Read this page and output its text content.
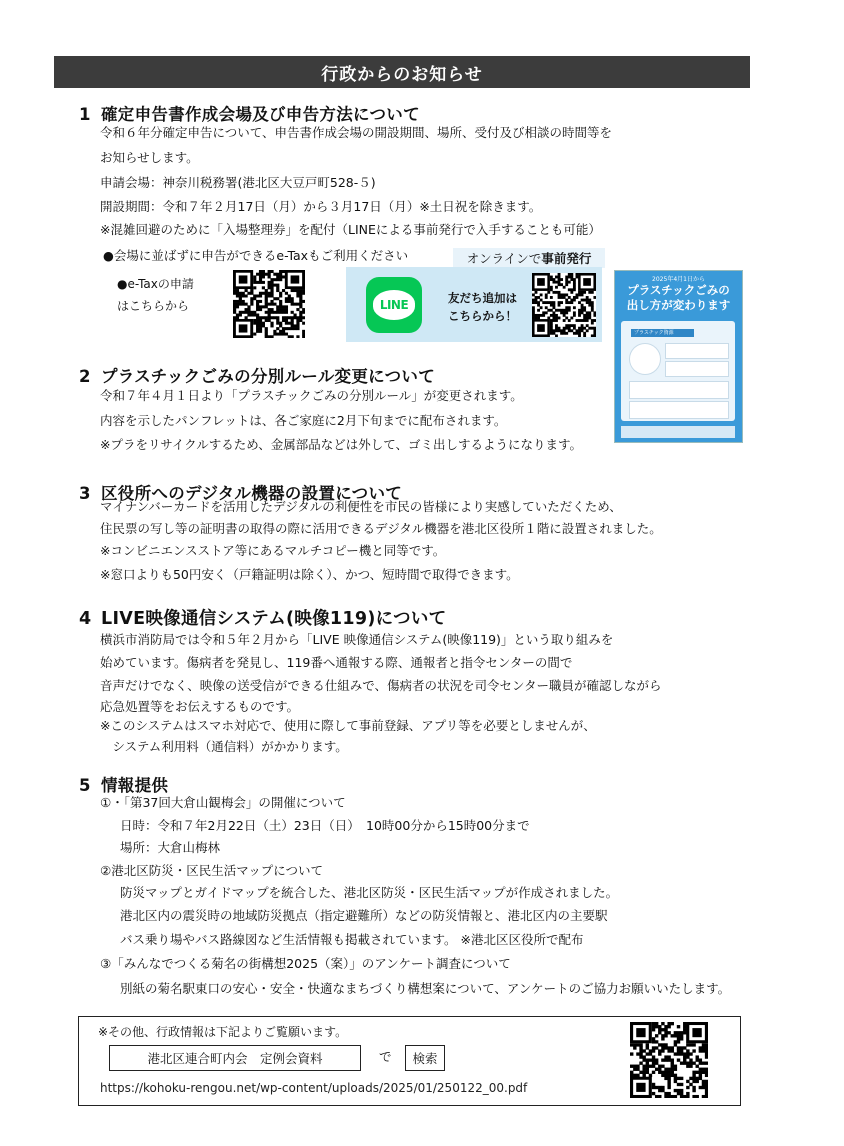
行政からのお知らせ
1 確定申告書作成会場及び申告方法について
令和６年分確定申告について、申告書作成会場の開設期間、場所、受付及び相談の時間等を
お知らせします。
申請会場：神奈川税務署(港北区大豆戸町528-５)
開設期間：令和７年２月17日（月）から３月17日（月）※土日祝を除きます。
※混雑回避のために「入場整理券」を配付（LINEによる事前発行で入手することも可能）
●会場に並ばずに申告ができるe-Taxもご利用ください	オンラインで 事前発行
●e-Taxの申請
はこちらから	LINE	友だち追加は
こちらから！
2025年4月1日から
プラスチックごみの
出し方が変わります
プラスチック資源
2 プラスチックごみの分別ルール変更について
令和７年４月１日より「プラスチックごみの分別ルール」が変更されます。
内容を示したパンフレットは、各ご家庭に2月下旬までに配布されます。
※プラをリサイクルするため、金属部品などは外して、ゴミ出しするようになります。
3 区役所へのデジタル機器の設置について
マイナンバーカードを活用したデジタルの利便性を市民の皆様により実感していただくため、
住民票の写し等の証明書の取得の際に活用できるデジタル機器を港北区役所１階に設置されました。
※コンビニエンスストア等にあるマルチコピー機と同等です。
※窓口よりも50円安く（戸籍証明は除く）、かつ、短時間で取得できます。
4 LIVE映像通信システム(映像119)について
横浜市消防局では令和５年２月から「LIVE 映像通信システム(映像119)」という取り組みを
始めています。傷病者を発見し、119番へ通報する際、通報者と指令センターの間で
音声だけでなく、映像の送受信ができる仕組みで、傷病者の状況を司令センター職員が確認しながら
応急処置等をお伝えするものです。
※このシステムはスマホ対応で、使用に際して事前登録、アプリ等を必要としませんが、
　システム利用料（通信料）がかかります。
5 情報提供
①・「第37回大倉山観梅会」の開催について
日時：令和７年2月22日（土）23日（日）　10時00分から15時00分まで
場所：大倉山梅林
②港北区防災・区民生活マップについて
防災マップとガイドマップを統合した、港北区防災・区民生活マップが作成されました。
港北区内の震災時の地域防災拠点（指定避難所）などの防災情報と、港北区内の主要駅
バス乗り場やバス路線図など生活情報も掲載されています。 ※港北区区役所で配布
③「みんなでつくる菊名の街構想2025（案）」のアンケート調査について
別紙の菊名駅東口の安心・安全・快適なまちづくり構想案について、アンケートのご協力お願いいたします。
※その他、行政情報は下記よりご覧願います。
港北区連合町内会　定例会資料	で	検索
https://kohoku-rengou.net/wp-content/uploads/2025/01/250122_00.pdf
